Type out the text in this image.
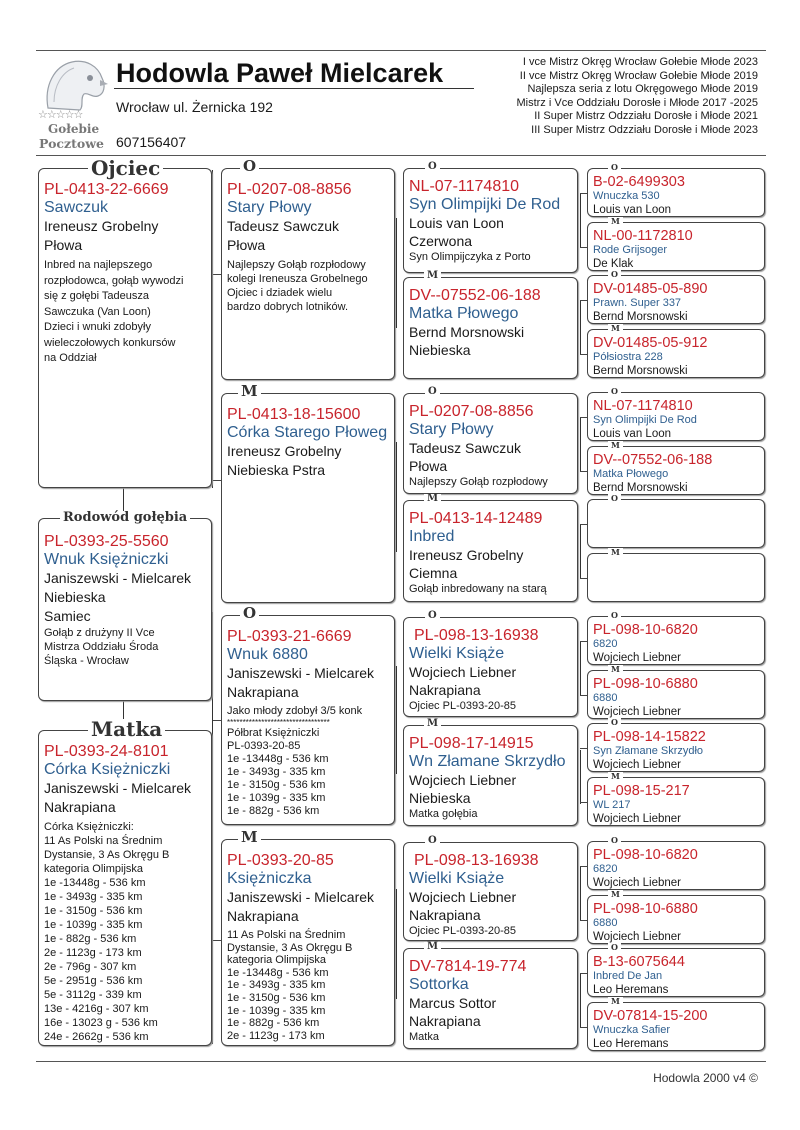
☆☆☆☆☆
Gołebie
Pocztowe
Hodowla Paweł Mielcarek
Wrocław ul. Żernicka 192
607156407
I vce Mistrz Okręg Wrocław Gołebie Młode 2023
II vce Mistrz Okręg Wrocław Gołebie Młode 2019
Najlepsza seria z lotu Okręgowego Młode 2019
Mistrz i Vce Oddziału Dorosłe i Młode 2017 -2025
II Super Mistrz Odzziału Dorosłe i Młode 2021
III Super Mistrz Odzziału Dorosłe i Młode 2023
PL-0413-22-6669
Sawczuk
Ireneusz Grobelny
Płowa
Inbred na najlepszego
rozpłodowca, gołąb wywodzi
się z gołębi Tadeusza
Sawczuka (Van Loon)
Dzieci i wnuki zdobyły
wieleczołowych konkursów
na Oddział
Ojciec
PL-0393-25-5560
Wnuk Księżniczki
Janiszewski - Mielcarek
Niebieska
Samiec
Gołąb z drużyny II Vce
Mistrza Oddziału Środa
Śląska - Wrocław
Rodowód gołębia
PL-0393-24-8101
Córka Księżniczki
Janiszewski - Mielcarek
Nakrapiana
Córka Księżniczki:
11 As Polski na Średnim
Dystansie, 3 As Okręgu B
kategoria Olimpijska
1e -13448g - 536 km
1e - 3493g - 335 km
1e - 3150g - 536 km
1e - 1039g - 335 km
1e - 882g - 536 km
2e - 1123g - 173 km
2e - 796g - 307 km
5e - 2951g - 536 km
5e - 3112g - 339 km
13e - 4216g - 307 km
16e - 13023 g - 536 km
24e - 2662g - 536 km
Matka
PL-0207-08-8856
Stary Płowy
Tadeusz Sawczuk
Płowa
Najlepszy Gołąb rozpłodowy
kolegi Ireneusza Grobelnego
Ojciec i dziadek wielu
bardzo dobrych lotników.
O
PL-0413-18-15600
Córka Starego Płoweg
Ireneusz Grobelny
Niebieska Pstra
M
PL-0393-21-6669
Wnuk 6880
Janiszewski - Mielcarek
Nakrapiana
Jako młody zdobył 3/5 konk
*********************************
Półbrat Księżniczki
PL-0393-20-85
1e -13448g - 536 km
1e - 3493g - 335 km
1e - 3150g - 536 km
1e - 1039g - 335 km
1e - 882g - 536 km
O
PL-0393-20-85
Księżniczka
Janiszewski - Mielcarek
Nakrapiana
11 As Polski na Średnim
Dystansie, 3 As Okręgu B
kategoria Olimpijska
1e -13448g - 536 km
1e - 3493g - 335 km
1e - 3150g - 536 km
1e - 1039g - 335 km
1e - 882g - 536 km
2e - 1123g - 173 km
M
NL-07-1174810
Syn Olimpijki De Rod
Louis van Loon
Czerwona
Syn Olimpijczyka z Porto
O
DV--07552-06-188
Matka Płowego
Bernd Morsnowski
Niebieska
M
PL-0207-08-8856
Stary Płowy
Tadeusz Sawczuk
Płowa
Najlepszy Gołąb rozpłodowy
O
PL-0413-14-12489
Inbred
Ireneusz Grobelny
Ciemna
Gołąb inbredowany na starą
M
PL-098-13-16938
Wielki Książe
Wojciech Liebner
Nakrapiana
Ojciec PL-0393-20-85
O
PL-098-17-14915
Wn Złamane Skrzydło
Wojciech Liebner
Niebieska
Matka gołębia
M
PL-098-13-16938
Wielki Książe
Wojciech Liebner
Nakrapiana
Ojciec PL-0393-20-85
O
DV-7814-19-774
Sottorka
Marcus Sottor
Nakrapiana
Matka
M
B-02-6499303
Wnuczka 530
Louis van Loon
O
NL-00-1172810
Rode Grijsoger
De Klak
M
DV-01485-05-890
Prawn. Super 337
Bernd Morsnowski
O
DV-01485-05-912
Półsiostra 228
Bernd Morsnowski
M
NL-07-1174810
Syn Olimpijki De Rod
Louis van Loon
O
DV--07552-06-188
Matka Płowego
Bernd Morsnowski
M
O
M
PL-098-10-6820
6820
Wojciech Liebner
O
PL-098-10-6880
6880
Wojciech Liebner
M
PL-098-14-15822
Syn Złamane Skrzydło
Wojciech Liebner
O
PL-098-15-217
WL 217
Wojciech Liebner
M
PL-098-10-6820
6820
Wojciech Liebner
O
PL-098-10-6880
6880
Wojciech Liebner
M
B-13-6075644
Inbred De Jan
Leo Heremans
O
DV-07814-15-200
Wnuczka Safier
Leo Heremans
M
Hodowla 2000 v4 ©
